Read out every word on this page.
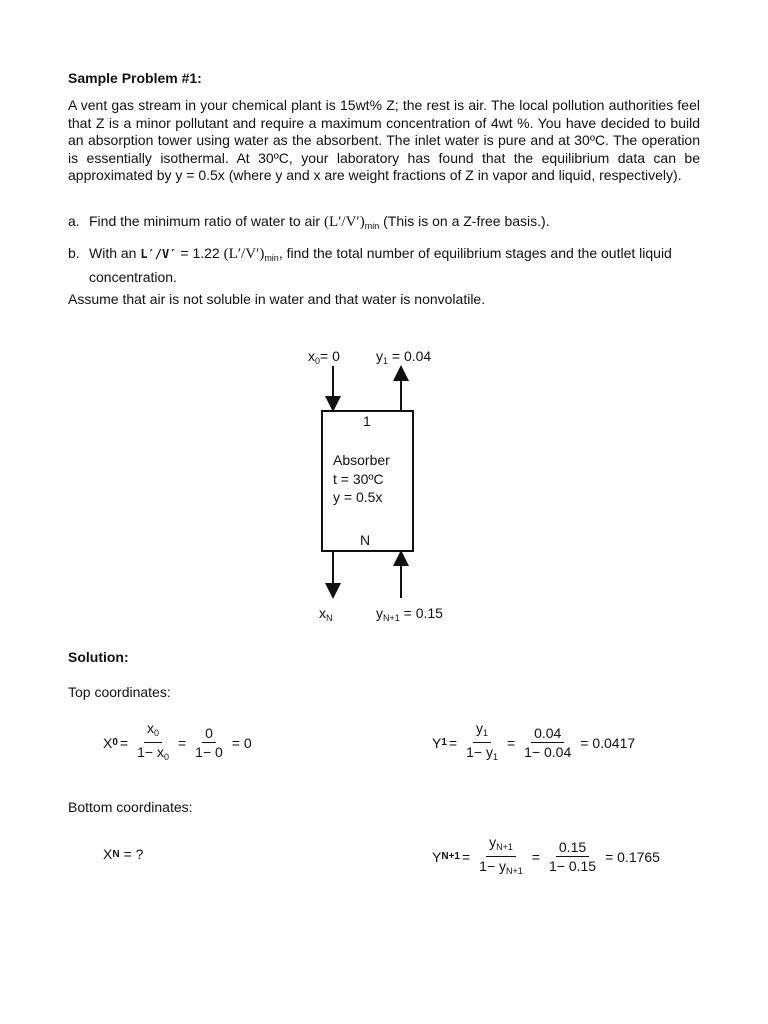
Sample Problem #1:
A vent gas stream in your chemical plant is 15wt% Z; the rest is air. The local pollution authorities feel that Z is a minor pollutant and require a maximum concentration of 4wt %. You have decided to build an absorption tower using water as the absorbent. The inlet water is pure and at 30ºC. The operation is essentially isothermal. At 30ºC, your laboratory has found that the equilibrium data can be approximated by y = 0.5x (where y and x are weight fractions of Z in vapor and liquid, respectively).
a. Find the minimum ratio of water to air $(L'/V')_{min}$ (This is on a Z-free basis.).
b. With an L′/V′ = 1.22 $(L'/V')_{min}$, find the total number of equilibrium stages and the outlet liquid concentration.
Assume that air is not soluble in water and that water is nonvolatile.
$x_0= 0$	$y_1 = 0.04$
1
Absorber
t = 30ºC
y = 0.5x
N
$x_N$	$y_{N+1} = 0.15$
Solution:
Top coordinates:
X $0 = \frac{x_0}{1- x_0} = \frac{0}{1- 0} = 0$	Y $1 = \frac{y_1}{1- y_1} = \frac{0.04}{1- 0.04} = 0.0417$
Bottom coordinates:
X N = ?	Y $N+1 = \frac{y_{N+1}}{1- y_{N+1}} = \frac{0.15}{1- 0.15} = 0.1765$
